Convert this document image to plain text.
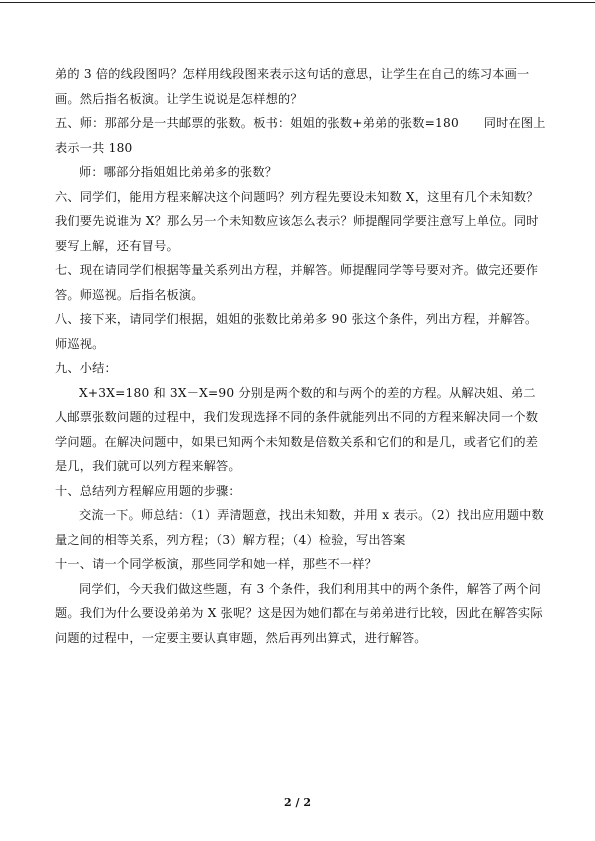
弟的 3 倍的线段图吗？怎样用线段图来表示这句话的意思，让学生在自己的练习本画一画。然后指名板演。让学生说说是怎样想的？

五、师：那部分是一共邮票的张数。板书：姐姐的张数+弟弟的张数=180　　同时在图上表示一共 180

师：哪部分指姐姐比弟弟多的张数？

六、同学们，能用方程来解决这个问题吗？列方程先要设未知数 X，这里有几个未知数？我们要先说谁为 X？那么另一个未知数应该怎么表示？师提醒同学要注意写上单位。同时要写上解，还有冒号。

七、现在请同学们根据等量关系列出方程，并解答。师提醒同学等号要对齐。做完还要作答。师巡视。后指名板演。

八、接下来，请同学们根据，姐姐的张数比弟弟多 90 张这个条件，列出方程，并解答。师巡视。

九、小结：

X+3X=180 和 3X－X=90 分别是两个数的和与两个的差的方程。从解决姐、弟二人邮票张数问题的过程中，我们发现选择不同的条件就能列出不同的方程来解决同一个数学问题。在解决问题中，如果已知两个未知数是倍数关系和它们的和是几，或者它们的差是几，我们就可以列方程来解答。

十、总结列方程解应用题的步骤：

交流一下。师总结：（1）弄清题意，找出未知数，并用 x 表示。（2）找出应用题中数量之间的相等关系，列方程；（3）解方程；（4）检验，写出答案

十一、请一个同学板演，那些同学和她一样，那些不一样？

同学们，今天我们做这些题，有 3 个条件，我们利用其中的两个条件，解答了两个问题。我们为什么要设弟弟为 X 张呢？这是因为她们都在与弟弟进行比较，因此在解答实际问题的过程中，一定要主要认真审题，然后再列出算式，进行解答。

2 / 2
